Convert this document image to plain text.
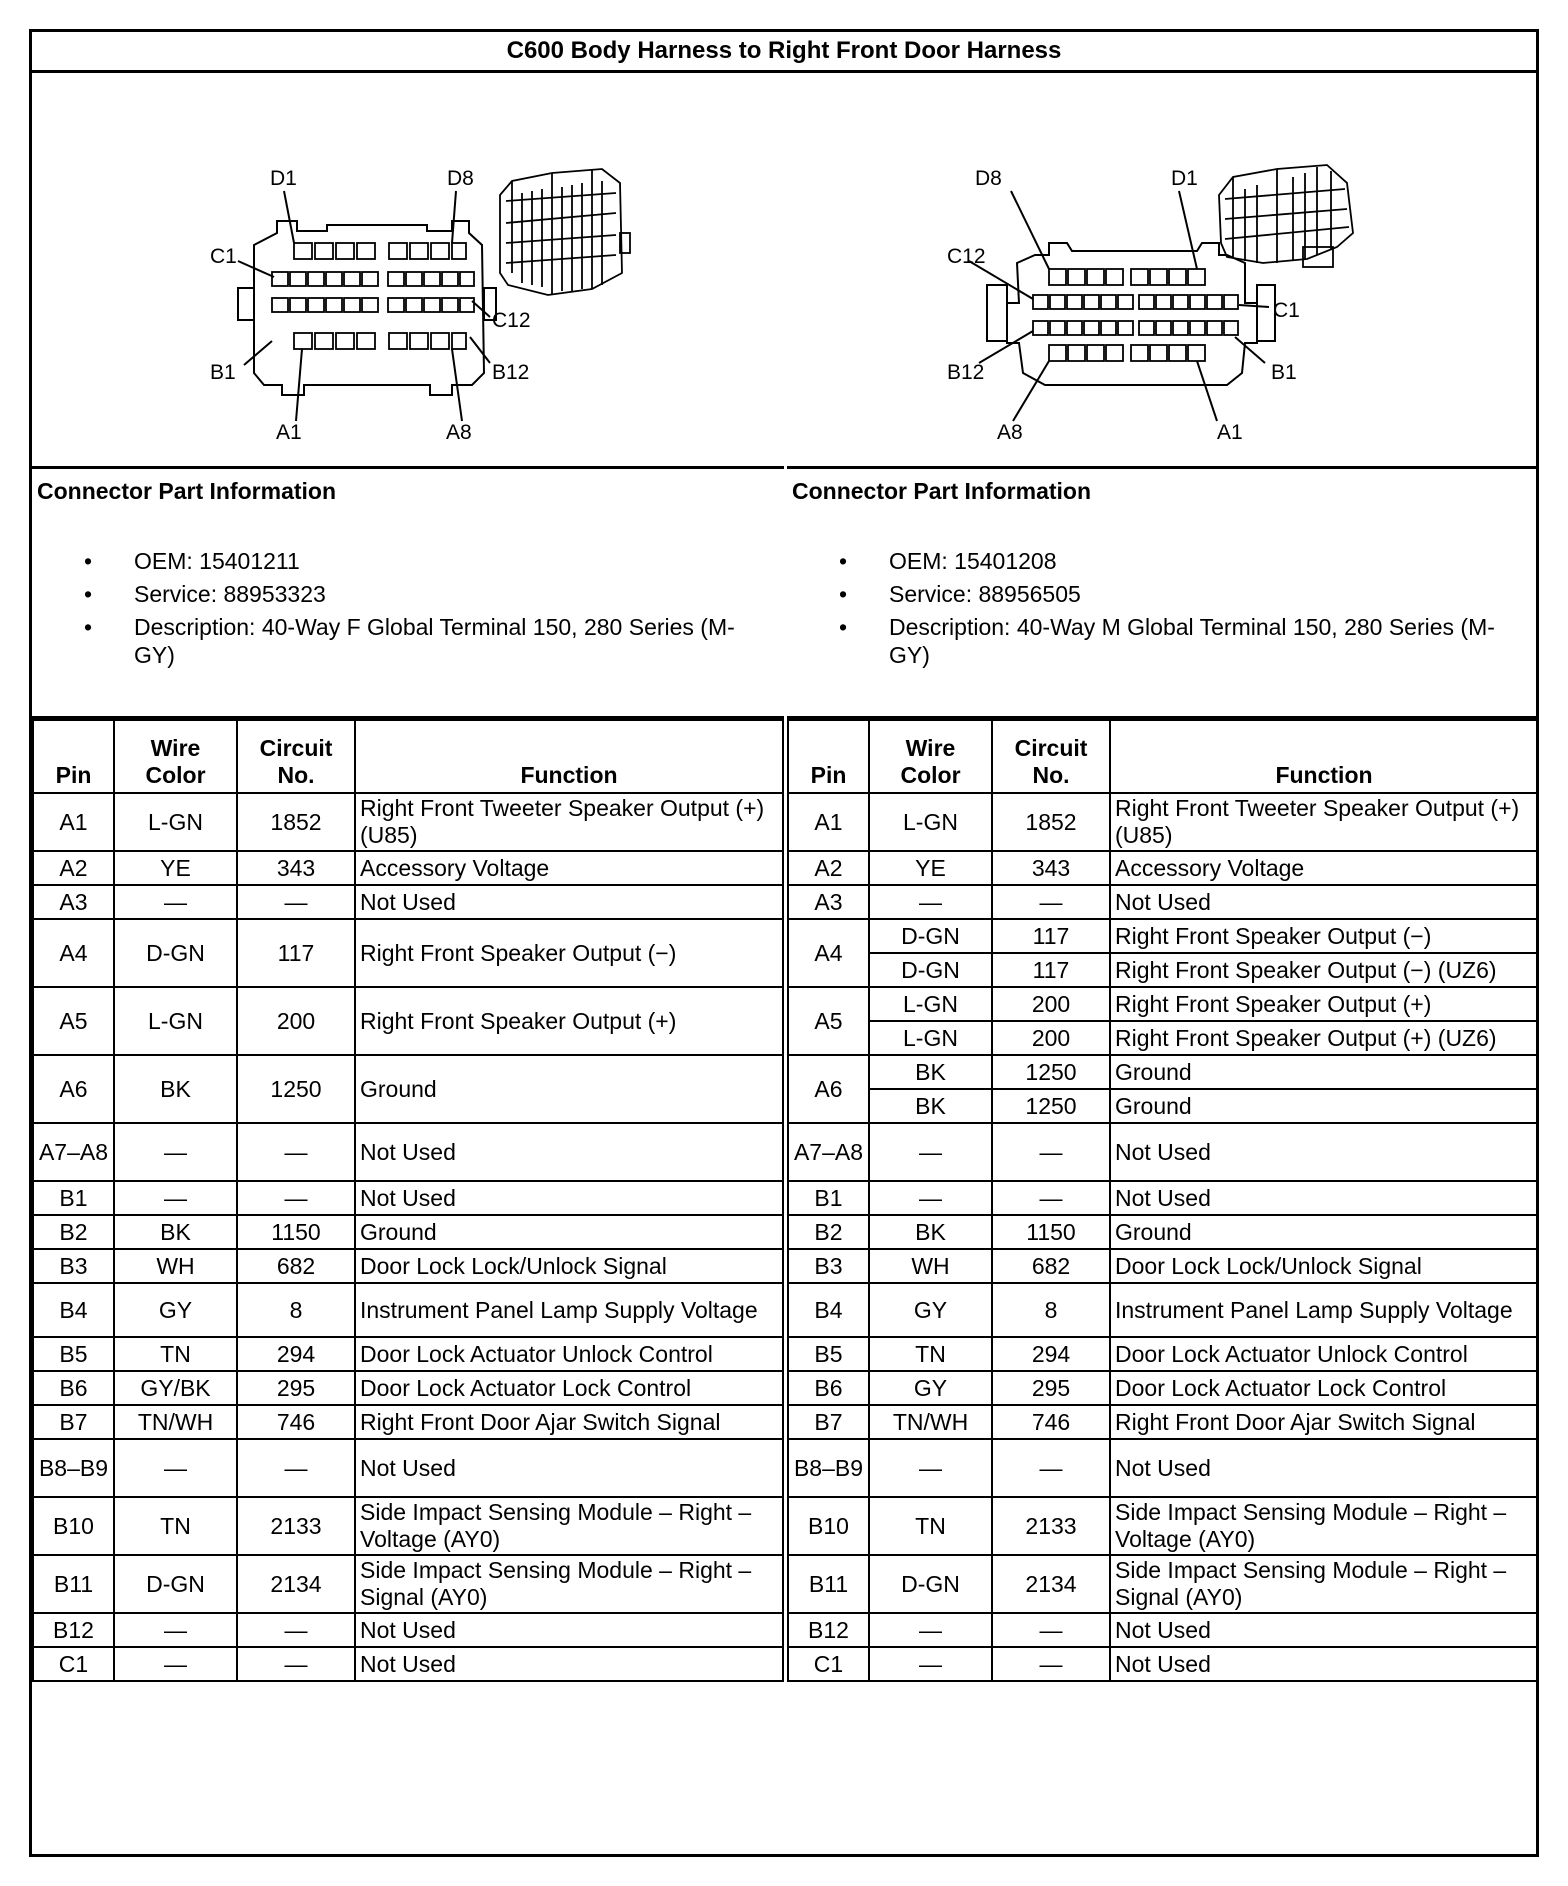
C600 Body Harness to Right Front Door Harness
D1	D8
C1
C12
B1	B12
A1	A8
Connector Part Information
• OEM: 15401211
• Service: 88953323
• Description: 40-Way F Global Terminal 150, 280 Series (M-GY)
Pin	Wire Color	Circuit No.	Function
A1	L-GN	1852	Right Front Tweeter Speaker Output (+) (U85)
A2	YE	343	Accessory Voltage
A3	—	—	Not Used
A4	D-GN	117	Right Front Speaker Output (−)
A5	L-GN	200	Right Front Speaker Output (+)
A6	BK	1250	Ground
A7–A8	—	—	Not Used
B1	—	—	Not Used
B2	BK	1150	Ground
B3	WH	682	Door Lock Lock/Unlock Signal
B4	GY	8	Instrument Panel Lamp Supply Voltage
B5	TN	294	Door Lock Actuator Unlock Control
B6	GY/BK	295	Door Lock Actuator Lock Control
B7	TN/WH	746	Right Front Door Ajar Switch Signal
B8–B9	—	—	Not Used
B10	TN	2133	Side Impact Sensing Module – Right – Voltage (AY0)
B11	D-GN	2134	Side Impact Sensing Module – Right – Signal (AY0)
B12	—	—	Not Used
C1	—	—	Not Used
D8	D1
C12
C1
B12	B1
A8	A1
Connector Part Information
• OEM: 15401208
• Service: 88956505
• Description: 40-Way M Global Terminal 150, 280 Series (M-GY)
Pin	Wire Color	Circuit No.	Function
A1	L-GN	1852	Right Front Tweeter Speaker Output (+) (U85)
A2	YE	343	Accessory Voltage
A3	—	—	Not Used
A4	D-GN	117	Right Front Speaker Output (−)
	D-GN	117	Right Front Speaker Output (−) (UZ6)
A5	L-GN	200	Right Front Speaker Output (+)
	L-GN	200	Right Front Speaker Output (+) (UZ6)
A6	BK	1250	Ground
	BK	1250	Ground
A7–A8	—	—	Not Used
B1	—	—	Not Used
B2	BK	1150	Ground
B3	WH	682	Door Lock Lock/Unlock Signal
B4	GY	8	Instrument Panel Lamp Supply Voltage
B5	TN	294	Door Lock Actuator Unlock Control
B6	GY	295	Door Lock Actuator Lock Control
B7	TN/WH	746	Right Front Door Ajar Switch Signal
B8–B9	—	—	Not Used
B10	TN	2133	Side Impact Sensing Module – Right – Voltage (AY0)
B11	D-GN	2134	Side Impact Sensing Module – Right – Signal (AY0)
B12	—	—	Not Used
C1	—	—	Not Used
